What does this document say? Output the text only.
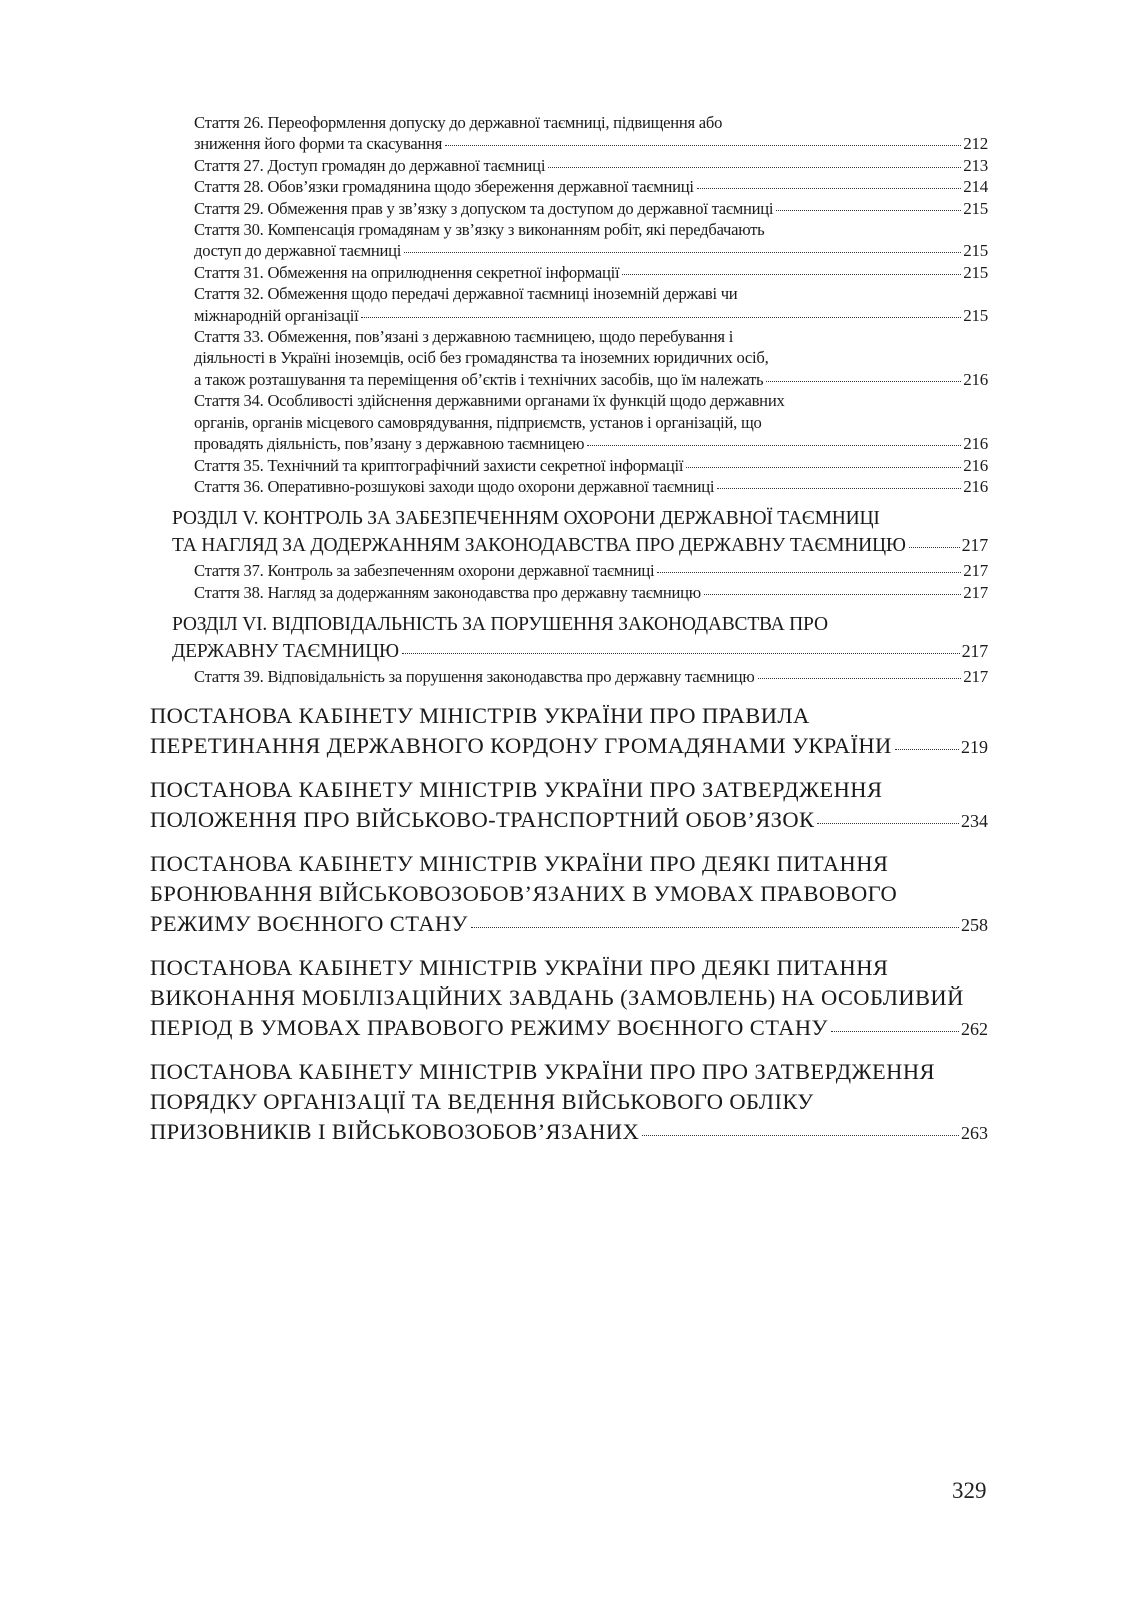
Стаття 26. Переоформлення допуску до державної таємниці, підвищення або
зниження його форми та скасування	212
Стаття 27. Доступ громадян до державної таємниці	213
Стаття 28. Обов’язки громадянина щодо збереження державної таємниці	214
Стаття 29. Обмеження прав у зв’язку з допуском та доступом до державної таємниці	215
Стаття 30. Компенсація громадянам у зв’язку з виконанням робіт, які передбачають
доступ до державної таємниці	215
Стаття 31. Обмеження на оприлюднення секретної інформації	215
Стаття 32. Обмеження щодо передачі державної таємниці іноземній державі чи
міжнародній організації	215
Стаття 33. Обмеження, пов’язані з державною таємницею, щодо перебування і
діяльності в Україні іноземців, осіб без громадянства та іноземних юридичних осіб,
а також розташування та переміщення об’єктів і технічних засобів, що їм належать	216
Стаття 34. Особливості здійснення державними органами їх функцій щодо державних
органів, органів місцевого самоврядування, підприємств, установ і організацій, що
провадять діяльність, пов’язану з державною таємницею	216
Стаття 35. Технічний та криптографічний захисти секретної інформації	216
Стаття 36. Оперативно-розшукові заходи щодо охорони державної таємниці	216
РОЗДІЛ V. КОНТРОЛЬ ЗА ЗАБЕЗПЕЧЕННЯМ ОХОРОНИ ДЕРЖАВНОЇ ТАЄМНИЦІ
ТА НАГЛЯД ЗА ДОДЕРЖАННЯМ ЗАКОНОДАВСТВА ПРО ДЕРЖАВНУ ТАЄМНИЦЮ	217
Стаття 37. Контроль за забезпеченням охорони державної таємниці	217
Стаття 38. Нагляд за додержанням законодавства про державну таємницю	217
РОЗДІЛ VI. ВІДПОВІДАЛЬНІСТЬ ЗА ПОРУШЕННЯ ЗАКОНОДАВСТВА ПРО
ДЕРЖАВНУ ТАЄМНИЦЮ	217
Стаття 39. Відповідальність за порушення законодавства про державну таємницю	217
ПОСТАНОВА КАБІНЕТУ МІНІСТРІВ УКРАЇНИ ПРО ПРАВИЛА
ПЕРЕТИНАННЯ ДЕРЖАВНОГО КОРДОНУ ГРОМАДЯНАМИ УКРАЇНИ	219
ПОСТАНОВА КАБІНЕТУ МІНІСТРІВ УКРАЇНИ ПРО ЗАТВЕРДЖЕННЯ
ПОЛОЖЕННЯ ПРО ВІЙСЬКОВО-ТРАНСПОРТНИЙ ОБОВ’ЯЗОК	234
ПОСТАНОВА КАБІНЕТУ МІНІСТРІВ УКРАЇНИ ПРО ДЕЯКІ ПИТАННЯ
БРОНЮВАННЯ ВІЙСЬКОВОЗОБОВ’ЯЗАНИХ В УМОВАХ ПРАВОВОГО
РЕЖИМУ ВОЄННОГО СТАНУ	258
ПОСТАНОВА КАБІНЕТУ МІНІСТРІВ УКРАЇНИ ПРО ДЕЯКІ ПИТАННЯ
ВИКОНАННЯ МОБІЛІЗАЦІЙНИХ ЗАВДАНЬ (ЗАМОВЛЕНЬ) НА ОСОБЛИВИЙ
ПЕРІОД В УМОВАХ ПРАВОВОГО РЕЖИМУ ВОЄННОГО СТАНУ	262
ПОСТАНОВА КАБІНЕТУ МІНІСТРІВ УКРАЇНИ ПРО ПРО ЗАТВЕРДЖЕННЯ
ПОРЯДКУ ОРГАНІЗАЦІЇ ТА ВЕДЕННЯ ВІЙСЬКОВОГО ОБЛІКУ
ПРИЗОВНИКІВ І ВІЙСЬКОВОЗОБОВ’ЯЗАНИХ	263
329
